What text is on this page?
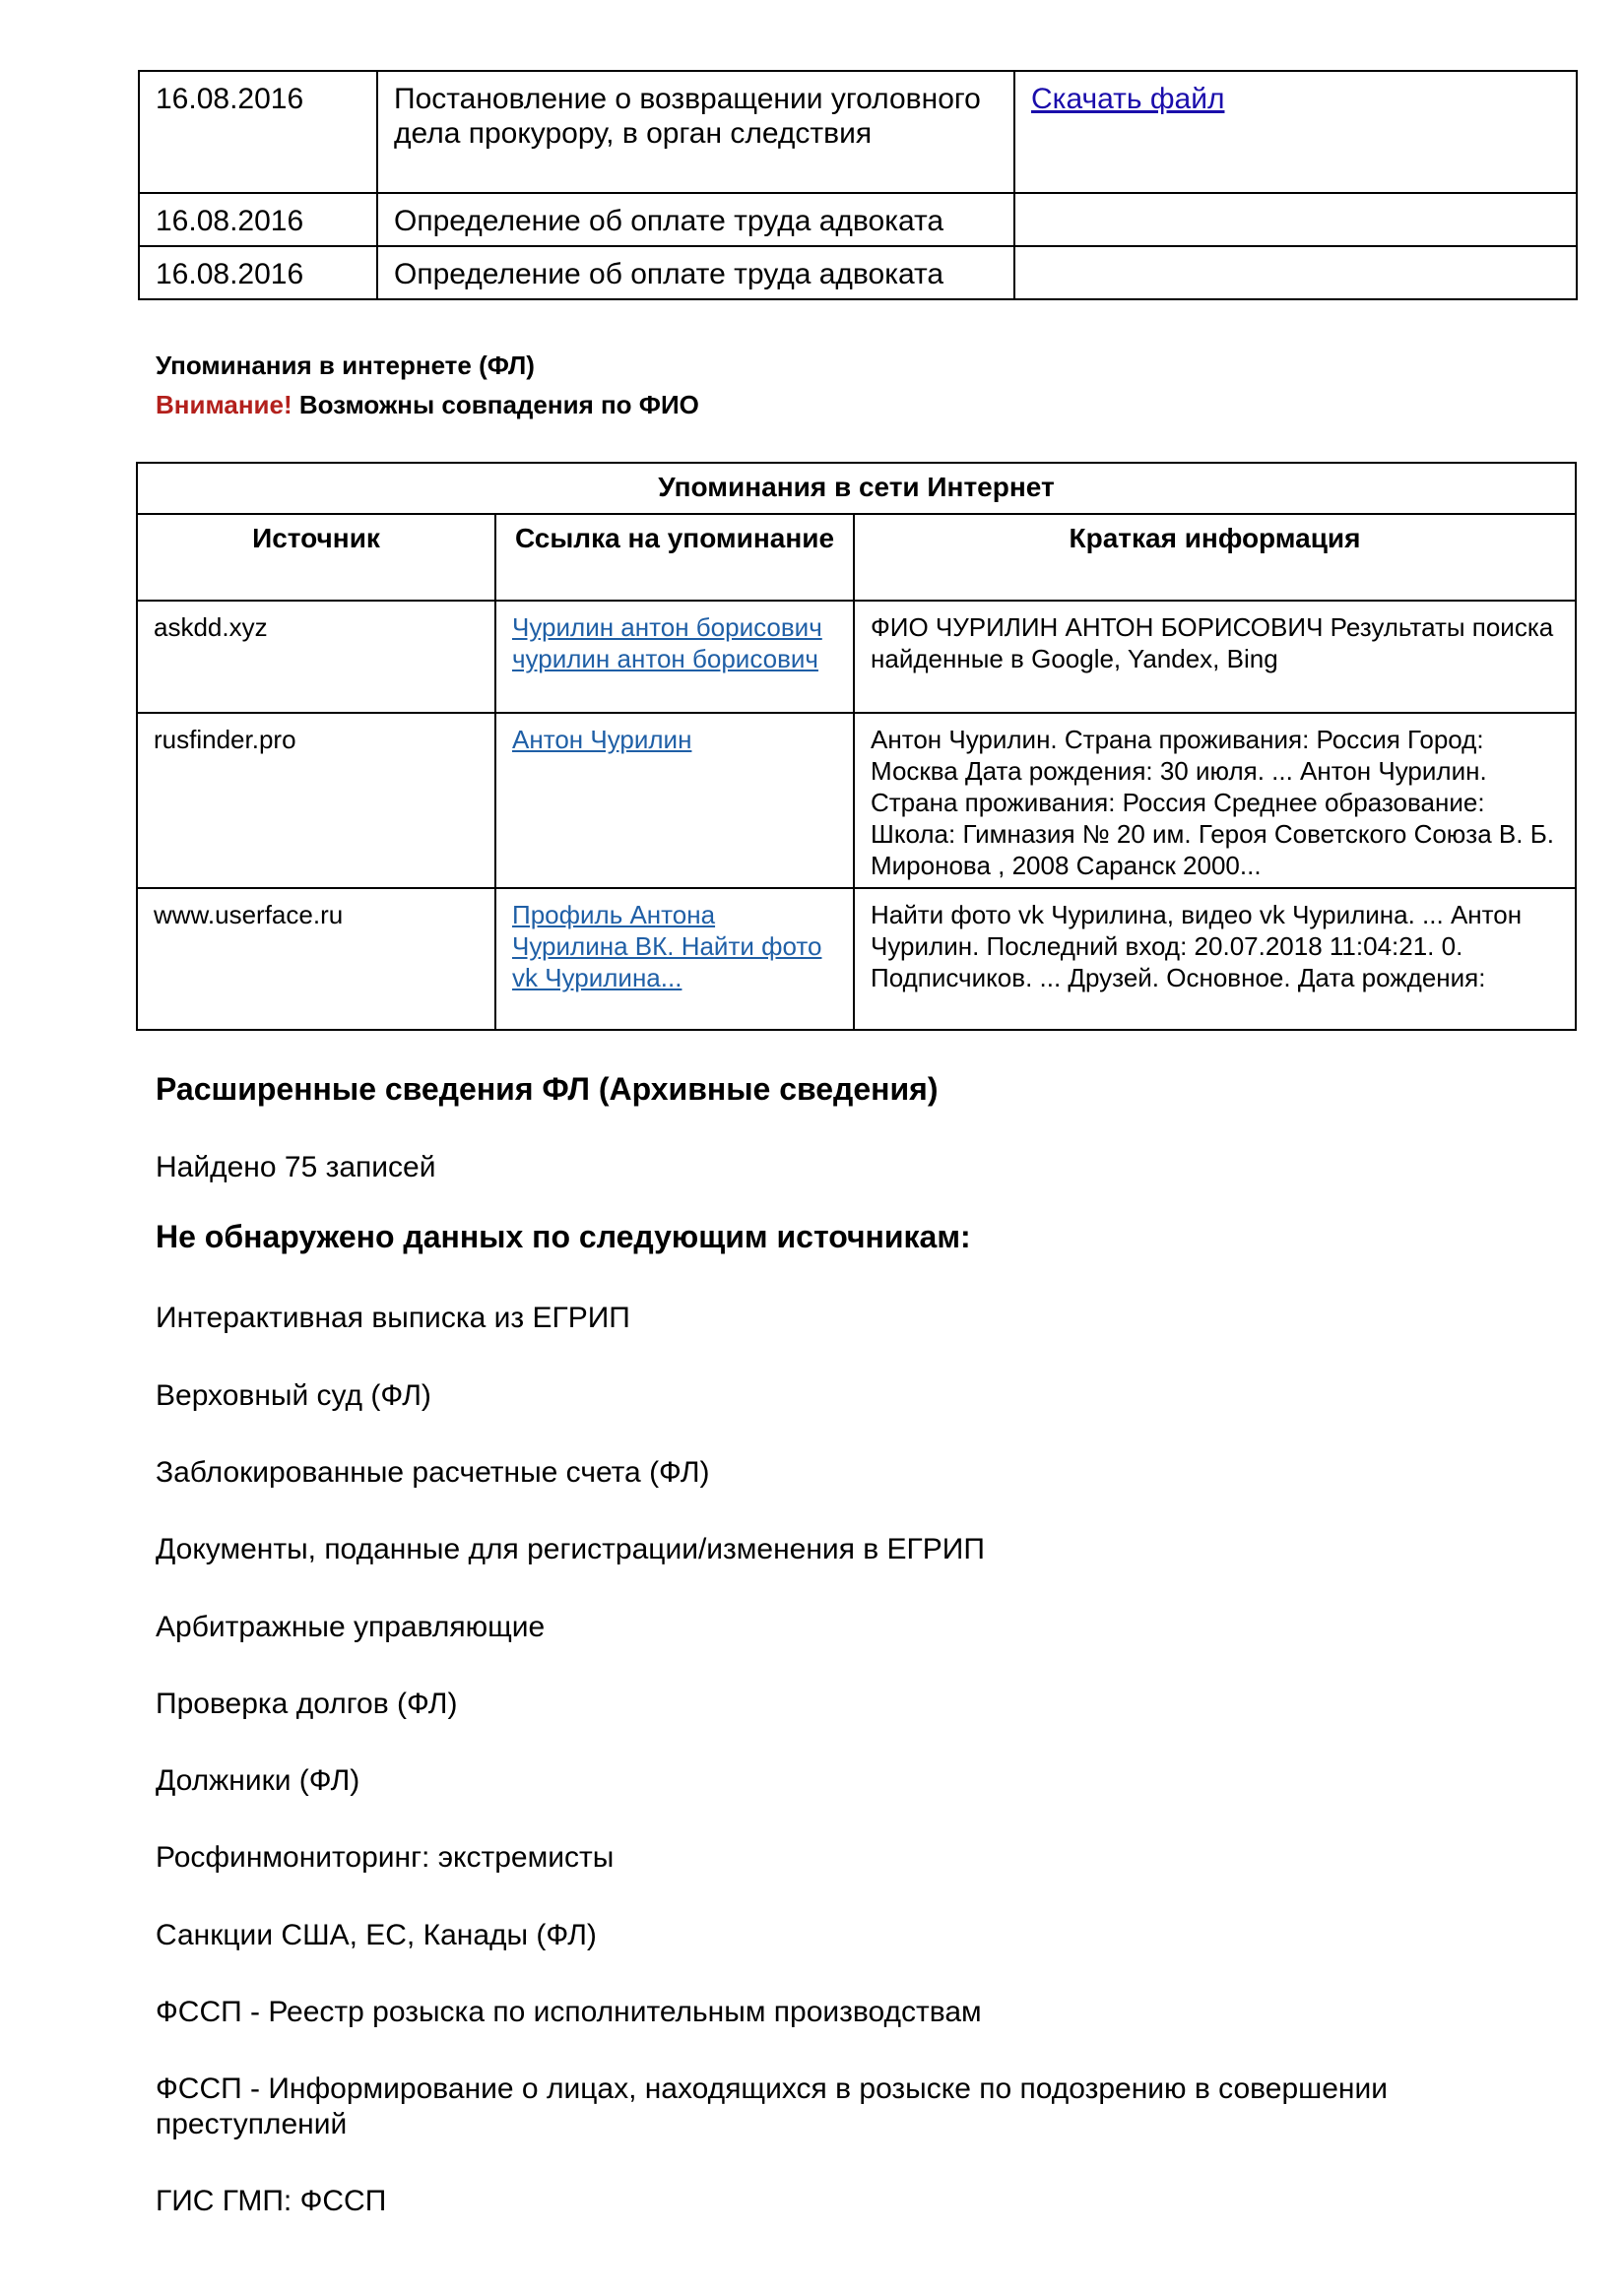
16.08.2016	Постановление о возвращении уголовного дела прокурору, в орган следствия	Скачать файл
16.08.2016	Определение об оплате труда адвоката	
16.08.2016	Определение об оплате труда адвоката	
Упоминания в интернете (ФЛ)
Внимание! Возможны совпадения по ФИО
Упоминания в сети Интернет		
Источник	Ссылка на упоминание	Краткая информация
askdd.xyz	Чурилин антон борисович чурилин антон борисович	ФИО ЧУРИЛИН АНТОН БОРИСОВИЧ Результаты поиска найденные в Google, Yandex, Bing
rusfinder.pro	Антон Чурилин	Антон Чурилин. Страна проживания: Россия Город: Москва Дата рождения: 30 июля. ... Антон Чурилин. Страна проживания: Россия Среднее образование: Школа: Гимназия № 20 им. Героя Советского Союза В. Б. Миронова , 2008 Саранск 2000...
www.userface.ru	Профиль Антона Чурилина ВК. Найти фото vk Чурилина...	Найти фото vk Чурилина, видео vk Чурилина. ... Антон Чурилин. Последний вход: 20.07.2018 11:04:21. 0. Подписчиков. ... Друзей. Основное. Дата рождения:
Расширенные сведения ФЛ (Архивные сведения)
Найдено 75 записей
Не обнаружено данных по следующим источникам:
Интерактивная выписка из ЕГРИП
Верховный суд (ФЛ)
Заблокированные расчетные счета (ФЛ)
Документы, поданные для регистрации/изменения в ЕГРИП
Арбитражные управляющие
Проверка долгов (ФЛ)
Должники (ФЛ)
Росфинмониторинг: экстремисты
Санкции США, ЕС, Канады (ФЛ)
ФССП - Реестр розыска по исполнительным производствам
ФССП - Информирование о лицах, находящихся в розыске по подозрению в совершении преступлений
ГИС ГМП: ФССП
